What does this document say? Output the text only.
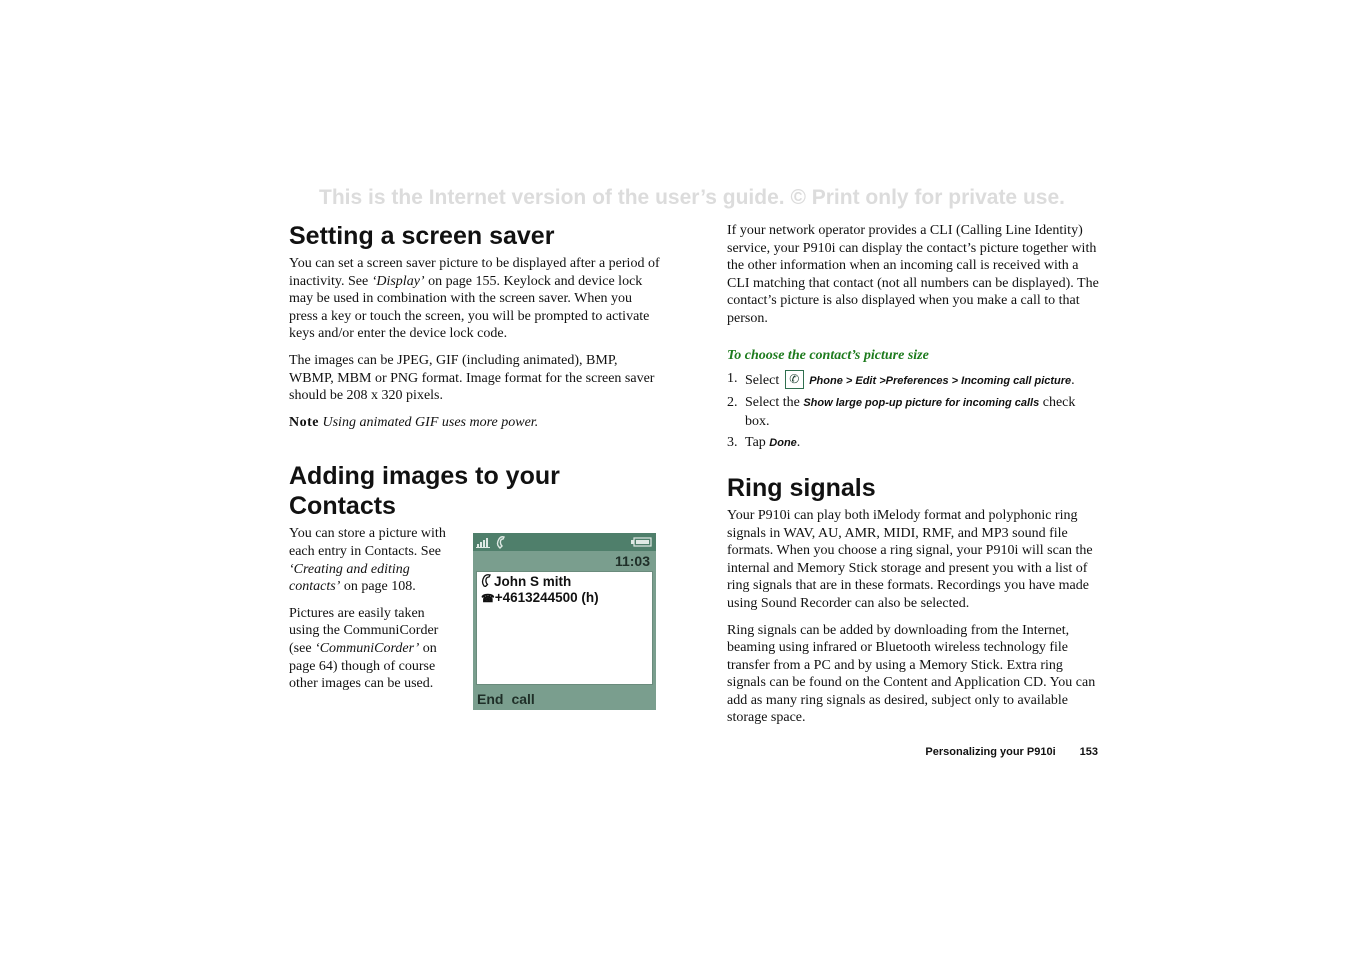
This is the Internet version of the user’s guide. © Print only for private use.
Setting a screen saver

You can set a screen saver picture to be displayed after a period of inactivity. See ‘Display’ on page 155. Keylock and device lock may be used in combination with the screen saver. When you press a key or touch the screen, you will be prompted to activate keys and/or enter the device lock code.

The images can be JPEG, GIF (including animated), BMP, WBMP, MBM or PNG format. Image format for the screen saver should be 208 x 320 pixels.

Note Using animated GIF uses more power.

Adding images to your
Contacts

You can store a picture with each entry in Contacts. See ‘Creating and editing contacts’ on page 108.

Pictures are easily taken using the CommuniCorder (see ‘CommuniCorder’ on page 64) though of course other images can be used.

11:03
John S mith
☎+4613244500 (h)
End call

If your network operator provides a CLI (Calling Line Identity) service, your P910i can display the contact’s picture together with the other information when an incoming call is received with a CLI matching that contact (not all numbers can be displayed). The contact’s picture is also displayed when you make a call to that person.

To choose the contact’s picture size
1. Select ✆ Phone > Edit >Preferences > Incoming call picture.
2. Select the Show large pop-up picture for incoming calls check box.
3. Tap Done.
Ring signals

Your P910i can play both iMelody format and polyphonic ring signals in WAV, AU, AMR, MIDI, RMF, and MP3 sound file formats. When you choose a ring signal, your P910i will scan the internal and Memory Stick storage and present you with a list of ring signals that are in these formats. Recordings you have made using Sound Recorder can also be selected.

Ring signals can be added by downloading from the Internet, beaming using infrared or Bluetooth wireless technology file transfer from a PC and by using a Memory Stick. Extra ring signals can be found on the Content and Application CD. You can add as many ring signals as desired, subject only to available storage space.

Personalizing your P910i 153
